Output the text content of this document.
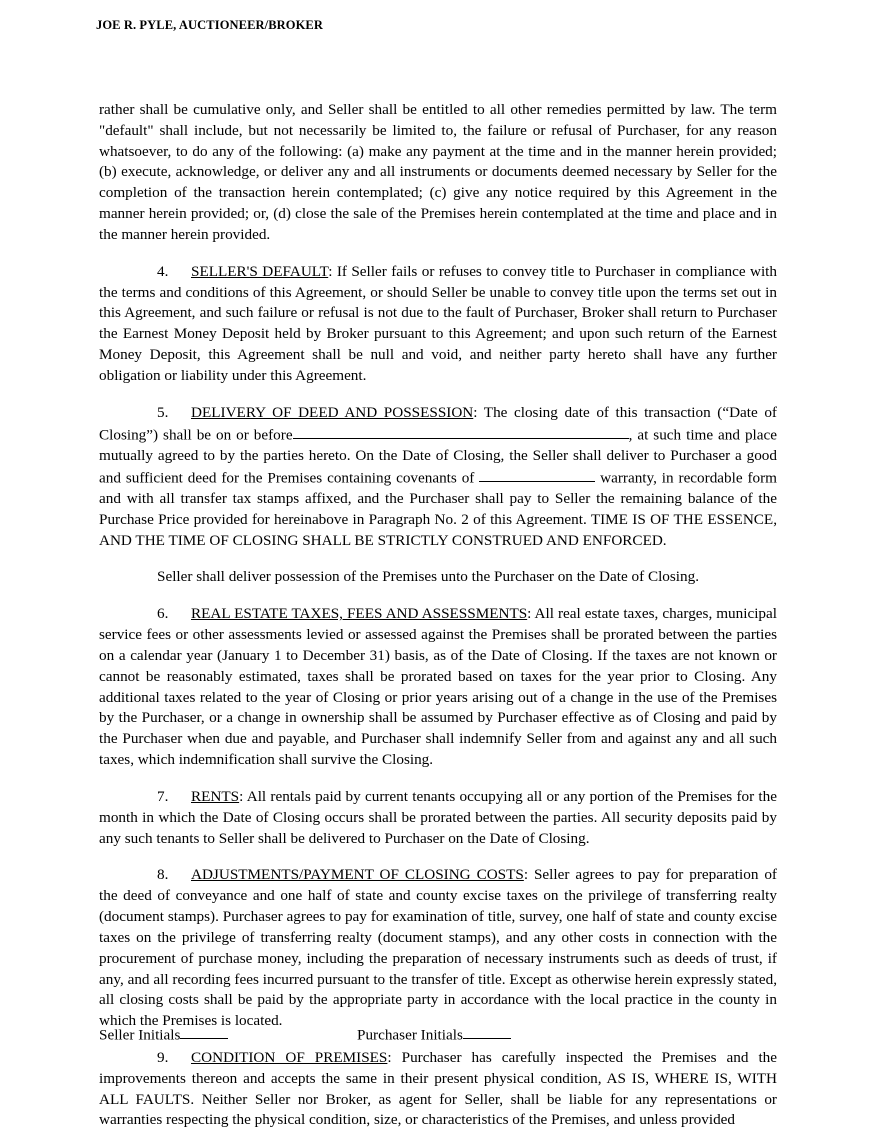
JOE R. PYLE, AUCTIONEER/BROKER

rather shall be cumulative only, and Seller shall be entitled to all other remedies permitted by law. The term "default" shall include, but not necessarily be limited to, the failure or refusal of Purchaser, for any reason whatsoever, to do any of the following: (a) make any payment at the time and in the manner herein provided; (b) execute, acknowledge, or deliver any and all instruments or documents deemed necessary by Seller for the completion of the transaction herein contemplated; (c) give any notice required by this Agreement in the manner herein provided; or, (d) close the sale of the Premises herein contemplated at the time and place and in the manner herein provided.

4. SELLER'S DEFAULT: If Seller fails or refuses to convey title to Purchaser in compliance with the terms and conditions of this Agreement, or should Seller be unable to convey title upon the terms set out in this Agreement, and such failure or refusal is not due to the fault of Purchaser, Broker shall return to Purchaser the Earnest Money Deposit held by Broker pursuant to this Agreement; and upon such return of the Earnest Money Deposit, this Agreement shall be null and void, and neither party hereto shall have any further obligation or liability under this Agreement.

5. DELIVERY OF DEED AND POSSESSION: The closing date of this transaction (“Date of Closing”) shall be on or before	, at such time and place mutually agreed to by the parties hereto. On the Date of Closing, the Seller shall deliver to Purchaser a good and sufficient deed for the Premises containing covenants of	warranty, in recordable form and with all transfer tax stamps affixed, and the Purchaser shall pay to Seller the remaining balance of the Purchase Price provided for hereinabove in Paragraph No. 2 of this Agreement. TIME IS OF THE ESSENCE, AND THE TIME OF CLOSING SHALL BE STRICTLY CONSTRUED AND ENFORCED.

Seller shall deliver possession of the Premises unto the Purchaser on the Date of Closing.

6. REAL ESTATE TAXES, FEES AND ASSESSMENTS: All real estate taxes, charges, municipal service fees or other assessments levied or assessed against the Premises shall be prorated between the parties on a calendar year (January 1 to December 31) basis, as of the Date of Closing. If the taxes are not known or cannot be reasonably estimated, taxes shall be prorated based on taxes for the year prior to Closing. Any additional taxes related to the year of Closing or prior years arising out of a change in the use of the Premises by the Purchaser, or a change in ownership shall be assumed by Purchaser effective as of Closing and paid by the Purchaser when due and payable, and Purchaser shall indemnify Seller from and against any and all such taxes, which indemnification shall survive the Closing.

7. RENTS: All rentals paid by current tenants occupying all or any portion of the Premises for the month in which the Date of Closing occurs shall be prorated between the parties. All security deposits paid by any such tenants to Seller shall be delivered to Purchaser on the Date of Closing.

8. ADJUSTMENTS/PAYMENT OF CLOSING COSTS: Seller agrees to pay for preparation of the deed of conveyance and one half of state and county excise taxes on the privilege of transferring realty (document stamps). Purchaser agrees to pay for examination of title, survey, one half of state and county excise taxes on the privilege of transferring realty (document stamps), and any other costs in connection with the procurement of purchase money, including the preparation of necessary instruments such as deeds of trust, if any, and all recording fees incurred pursuant to the transfer of title. Except as otherwise herein expressly stated, all closing costs shall be paid by the appropriate party in accordance with the local practice in the county in which the Premises is located.

9. CONDITION OF PREMISES: Purchaser has carefully inspected the Premises and the improvements thereon and accepts the same in their present physical condition, AS IS, WHERE IS, WITH ALL FAULTS. Neither Seller nor Broker, as agent for Seller, shall be liable for any representations or warranties respecting the physical condition, size, or characteristics of the Premises, and unless provided

Seller Initials	Purchaser Initials
